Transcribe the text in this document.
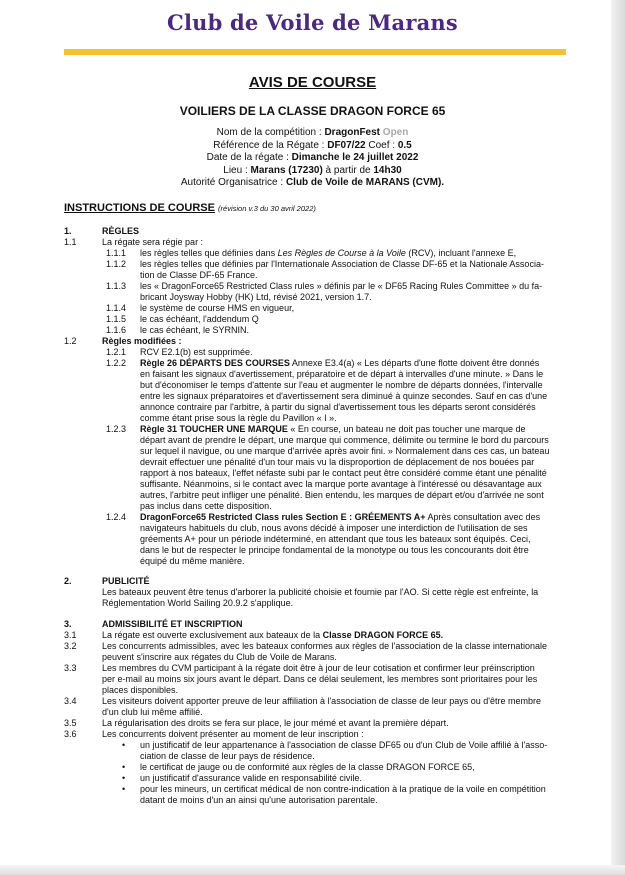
Club de Voile de Marans
AVIS DE COURSE
VOILIERS DE LA CLASSE DRAGON FORCE 65
Nom de la compétition : DragonFest Open
Référence de la Régate : DF07/22 Coef : 0.5
Date de la régate : Dimanche le 24 juillet 2022
Lieu : Marans (17230) à partir de 14h30
Autorité Organisatrice : Club de Voile de MARANS (CVM).
INSTRUCTIONS DE COURSE (révision v.3 du 30 avril 2022)
1.	RÈGLES
1.1	La régate sera régie par :
1.1.1 les règles telles que définies dans Les Règles de Course à la Voile (RCV), incluant l'annexe E,
1.1.2 les règles telles que définies par l'Internationale Association de Classe DF-65 et la Nationale Associa-
tion de Classe DF-65 France.
1.1.3 les « DragonForce65 Restricted Class rules » définis par le « DF65 Racing Rules Committee » du fa-
bricant Joysway Hobby (HK) Ltd, révisé 2021, version 1.7.
1.1.4 le système de course HMS en vigueur,
1.1.5 le cas échéant, l'addendum Q
1.1.6 le cas échéant, le SYRNIN.
1.2	Règles modifiées :
1.2.1 RCV E2.1(b) est supprimée.
1.2.2 Règle 26 DÉPARTS DES COURSES Annexe E3.4(a) « Les départs d'une flotte doivent être donnés
en faisant les signaux d'avertissement, préparatoire et de départ à intervalles d'une minute. » Dans le
but d'économiser le temps d'attente sur l'eau et augmenter le nombre de départs données, l'intervalle
entre les signaux préparatoires et d'avertissement sera diminué à quinze secondes. Sauf en cas d'une
annonce contraire par l'arbitre, à partir du signal d'avertissement tous les départs seront considérés
comme étant prise sous la règle du Pavillon « I ».
1.2.3 Règle 31 TOUCHER UNE MARQUE « En course, un bateau ne doit pas toucher une marque de
départ avant de prendre le départ, une marque qui commence, délimite ou termine le bord du parcours
sur lequel il navigue, ou une marque d'arrivée après avoir fini. » Normalement dans ces cas, un bateau
devrait effectuer une pénalité d'un tour mais vu la disproportion de déplacement de nos bouées par
rapport à nos bateaux, l'effet néfaste subi par le contact peut être considéré comme étant une pénalité
suffisante. Néanmoins, si le contact avec la marque porte avantage à l'intéressé ou désavantage aux
autres, l'arbitre peut infliger une pénalité. Bien entendu, les marques de départ et/ou d'arrivée ne sont
pas inclus dans cette disposition.
1.2.4 DragonForce65 Restricted Class rules Section E : GRÉEMENTS A+ Après consultation avec des
navigateurs habituels du club, nous avons décidé à imposer une interdiction de l'utilisation de ses
gréements A+ pour un période indéterminé, en attendant que tous les bateaux sont équipés. Ceci,
dans le but de respecter le principe fondamental de la monotype ou tous les concourants doit être
équipé du même manière.
2.	PUBLICITÉ
Les bateaux peuvent être tenus d'arborer la publicité choisie et fournie par l'AO. Si cette règle est enfreinte, la
Réglementation World Sailing 20.9.2 s'applique.
3.	ADMISSIBILITÉ ET INSCRIPTION
3.1	La régate est ouverte exclusivement aux bateaux de la Classe DRAGON FORCE 65.
3.2	Les concurrents admissibles, avec les bateaux conformes aux règles de l'association de la classe internationale
peuvent s'inscrire aux régates du Club de Voile de Marans.
3.3	Les membres du CVM participant à la régate doit être à jour de leur cotisation et confirmer leur préinscription
per e-mail au moins six jours avant le départ. Dans ce délai seulement, les membres sont prioritaires pour les
places disponibles.
3.4	Les visiteurs doivent apporter preuve de leur affiliation à l'association de classe de leur pays ou d'être membre
d'un club lui même affilié.
3.5	La régularisation des droits se fera sur place, le jour mémé et avant la première départ.
3.6	Les concurrents doivent présenter au moment de leur inscription :
• un justificatif de leur appartenance à l'association de classe DF65 ou d'un Club de Voile affilié à l'asso-
ciation de classe de leur pays de résidence.
• le certificat de jauge ou de conformité aux règles de la classe DRAGON FORCE 65,
• un justificatif d'assurance valide en responsabilité civile.
• pour les mineurs, un certificat médical de non contre-indication à la pratique de la voile en compétition
datant de moins d'un an ainsi qu'une autorisation parentale.
